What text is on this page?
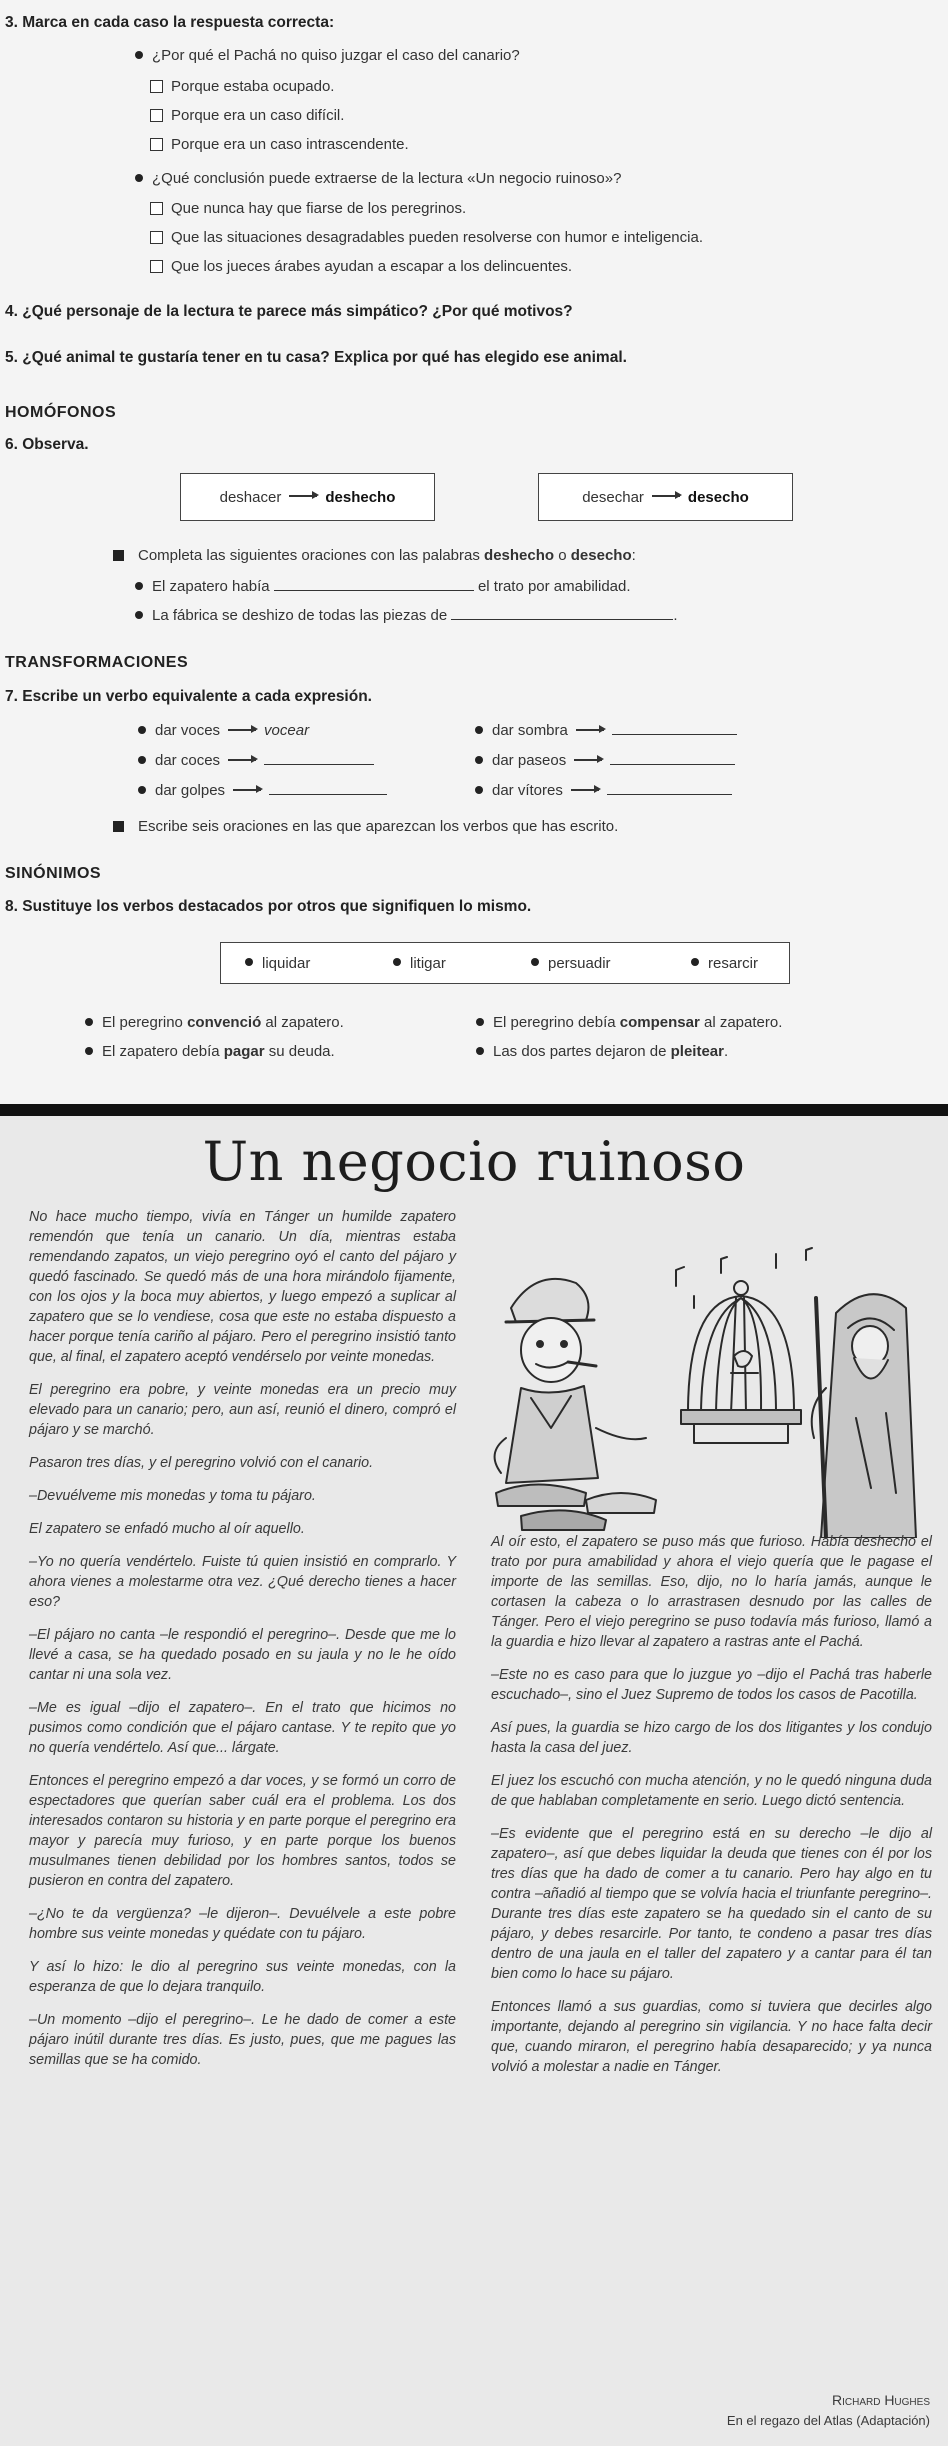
3. Marca en cada caso la respuesta correcta:
¿Por qué el Pachá no quiso juzgar el caso del canario?
Porque estaba ocupado.
Porque era un caso difícil.
Porque era un caso intrascendente.
¿Qué conclusión puede extraerse de la lectura «Un negocio ruinoso»?
Que nunca hay que fiarse de los peregrinos.
Que las situaciones desagradables pueden resolverse con humor e inteligencia.
Que los jueces árabes ayudan a escapar a los delincuentes.
4. ¿Qué personaje de la lectura te parece más simpático? ¿Por qué motivos?
5. ¿Qué animal te gustaría tener en tu casa? Explica por qué has elegido ese animal.
HOMÓFONOS
6. Observa.
deshacer	deshecho	desechar	desecho
Completa las siguientes oraciones con las palabras deshecho o desecho:
El zapatero había	el trato por amabilidad.
La fábrica se deshizo de todas las piezas de	.
TRANSFORMACIONES
7. Escribe un verbo equivalente a cada expresión.
dar voces	vocear
dar coces
dar golpes
dar sombra
dar paseos
dar vítores
Escribe seis oraciones en las que aparezcan los verbos que has escrito.
SINÓNIMOS
8. Sustituye los verbos destacados por otros que signifiquen lo mismo.
liquidar	litigar	persuadir	resarcir
El peregrino convenció al zapatero.	El peregrino debía compensar al zapatero.
El zapatero debía pagar su deuda.	Las dos partes dejaron de pleitear.
Un negocio ruinoso

No hace mucho tiempo, vivía en Tánger un humilde zapatero remendón que tenía un canario. Un día, mientras estaba remendando zapatos, un viejo peregrino oyó el canto del pájaro y quedó fascinado. Se quedó más de una hora mirándolo fijamente, con los ojos y la boca muy abiertos, y luego empezó a suplicar al zapatero que se lo vendiese, cosa que este no estaba dispuesto a hacer porque tenía cariño al pájaro. Pero el peregrino insistió tanto que, al final, el zapatero aceptó vendérselo por veinte monedas.

El peregrino era pobre, y veinte monedas era un precio muy elevado para un canario; pero, aun así, reunió el dinero, compró el pájaro y se marchó.

Pasaron tres días, y el peregrino volvió con el canario.

–Devuélveme mis monedas y toma tu pájaro.

El zapatero se enfadó mucho al oír aquello.

–Yo no quería vendértelo. Fuiste tú quien insistió en comprarlo. Y ahora vienes a molestarme otra vez. ¿Qué derecho tienes a hacer eso?

–El pájaro no canta –le respondió el peregrino–. Desde que me lo llevé a casa, se ha quedado posado en su jaula y no le he oído cantar ni una sola vez.

–Me es igual –dijo el zapatero–. En el trato que hicimos no pusimos como condición que el pájaro cantase. Y te repito que yo no quería vendértelo. Así que... lárgate.

Entonces el peregrino empezó a dar voces, y se formó un corro de espectadores que querían saber cuál era el problema. Los dos interesados contaron su historia y en parte porque el peregrino era mayor y parecía muy furioso, y en parte porque los buenos musulmanes tienen debilidad por los hombres santos, todos se pusieron en contra del zapatero.

–¿No te da vergüenza? –le dijeron–. Devuélvele a este pobre hombre sus veinte monedas y quédate con tu pájaro.

Y así lo hizo: le dio al peregrino sus veinte monedas, con la esperanza de que lo dejara tranquilo.

–Un momento –dijo el peregrino–. Le he dado de comer a este pájaro inútil durante tres días. Es justo, pues, que me pagues las semillas que se ha comido.

Al oír esto, el zapatero se puso más que furioso. Había deshecho el trato por pura amabilidad y ahora el viejo quería que le pagase el importe de las semillas. Eso, dijo, no lo haría jamás, aunque le cortasen la cabeza o lo arrastrasen desnudo por las calles de Tánger. Pero el viejo peregrino se puso todavía más furioso, llamó a la guardia e hizo llevar al zapatero a rastras ante el Pachá.

–Este no es caso para que lo juzgue yo –dijo el Pachá tras haberle escuchado–, sino el Juez Supremo de todos los casos de Pacotilla.

Así pues, la guardia se hizo cargo de los dos litigantes y los condujo hasta la casa del juez.

El juez los escuchó con mucha atención, y no le quedó ninguna duda de que hablaban completamente en serio. Luego dictó sentencia.

–Es evidente que el peregrino está en su derecho –le dijo al zapatero–, así que debes liquidar la deuda que tienes con él por los tres días que ha dado de comer a tu canario. Pero hay algo en tu contra –añadió al tiempo que se volvía hacia el triunfante peregrino–. Durante tres días este zapatero se ha quedado sin el canto de su pájaro, y debes resarcirle. Por tanto, te condeno a pasar tres días dentro de una jaula en el taller del zapatero y a cantar para él tan bien como lo hace su pájaro.

Entonces llamó a sus guardias, como si tuviera que decirles algo importante, dejando al peregrino sin vigilancia. Y no hace falta decir que, cuando miraron, el peregrino había desaparecido; y ya nunca volvió a molestar a nadie en Tánger.

Richard Hughes
En el regazo del Atlas (Adaptación)
